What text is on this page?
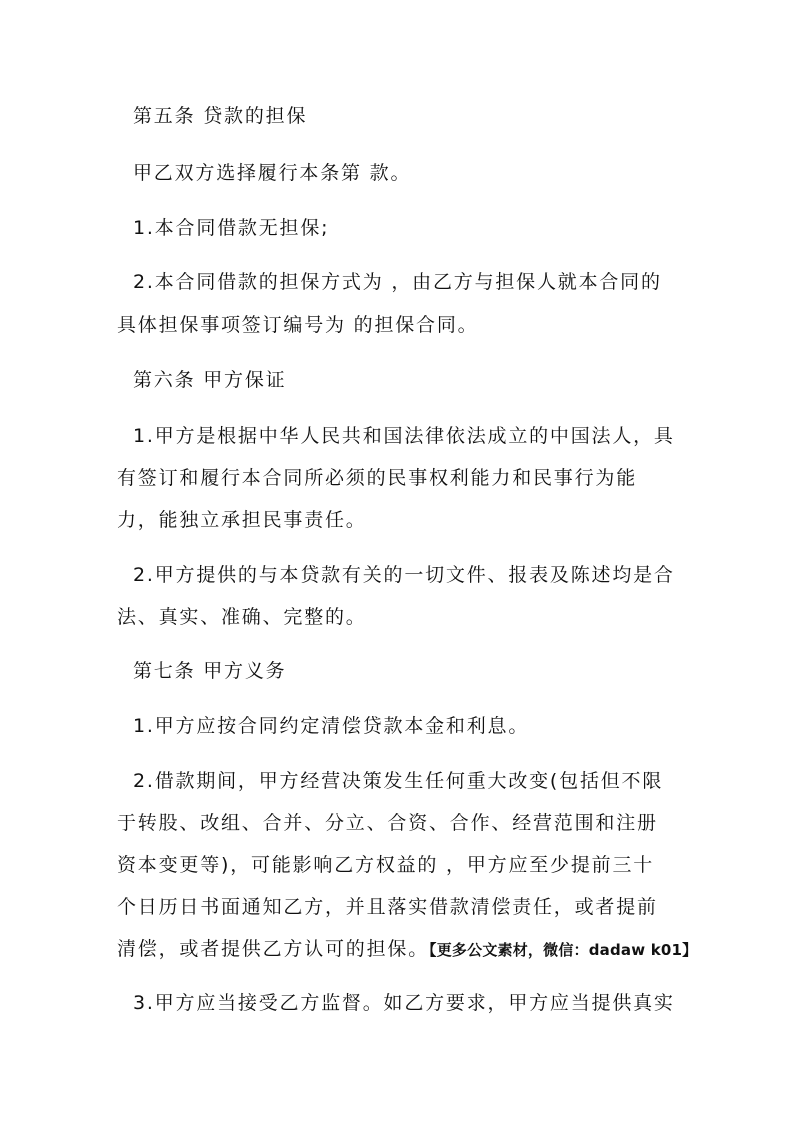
第五条 贷款的担保
甲乙双方选择履行本条第 款。
1.本合同借款无担保;
2.本合同借款的担保方式为 ，由乙方与担保人就本合同的
具体担保事项签订编号为 的担保合同。
第六条 甲方保证
1.甲方是根据中华人民共和国法律依法成立的中国法人，具
有签订和履行本合同所必须的民事权利能力和民事行为能
力，能独立承担民事责任。
2.甲方提供的与本贷款有关的一切文件、报表及陈述均是合
法、真实、准确、完整的。
第七条 甲方义务
1.甲方应按合同约定清偿贷款本金和利息。
2.借款期间，甲方经营决策发生任何重大改变(包括但不限
于转股、改组、合并、分立、合资、合作、经营范围和注册
资本变更等)，可能影响乙方权益的 ，甲方应至少提前三十
个日历日书面通知乙方，并且落实借款清偿责任，或者提前
清偿，或者提供乙方认可的担保。【更多公文素材，微信：dadaw k01】
3.甲方应当接受乙方监督。如乙方要求，甲方应当提供真实
